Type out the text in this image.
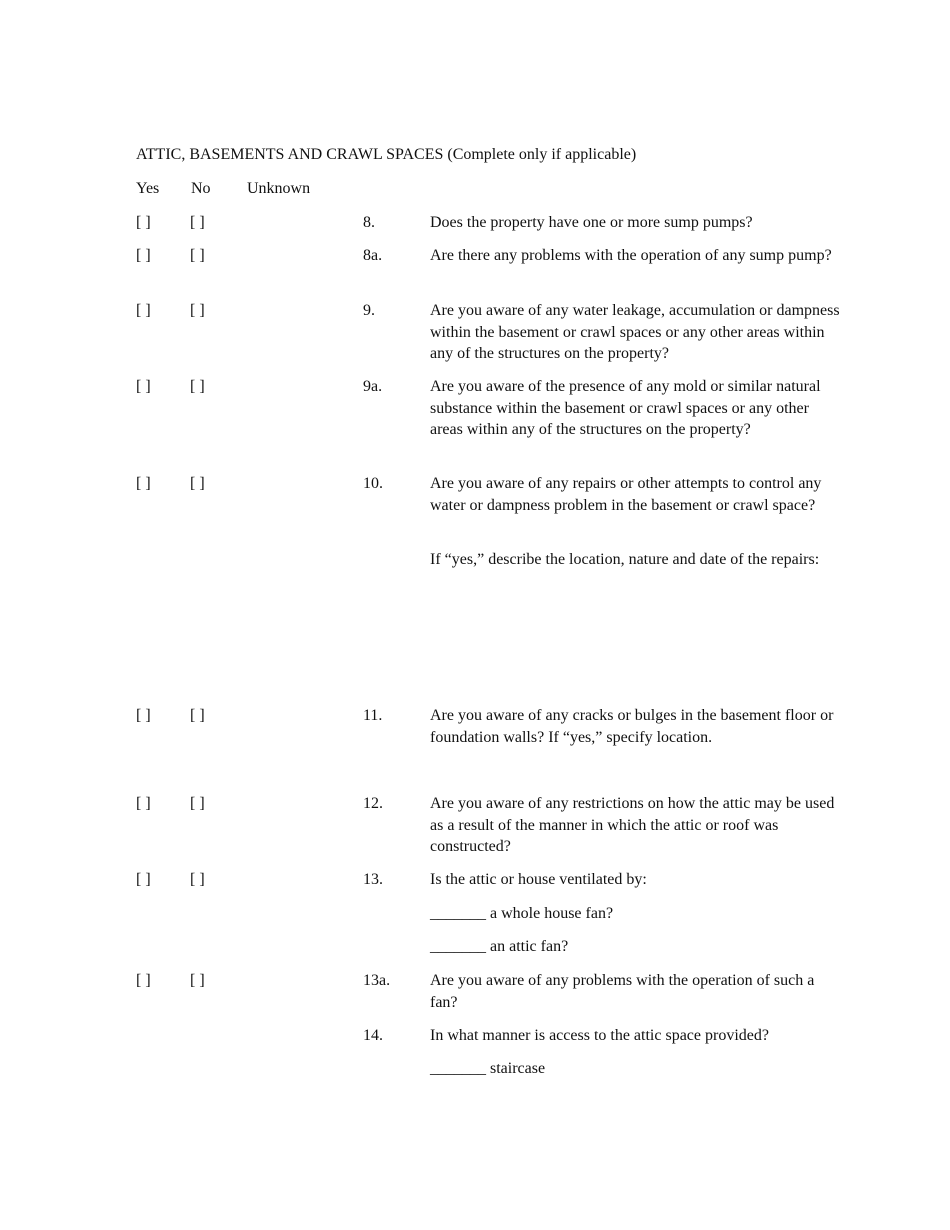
ATTIC, BASEMENTS AND CRAWL SPACES (Complete only if applicable)
Yes No Unknown
[ ] [ ]	8.	Does the property have one or more sump pumps?
[ ] [ ]	8a.	Are there any problems with the operation of any sump pump?
[ ] [ ]	9.	Are you aware of any water leakage, accumulation or dampness within the basement or crawl spaces or any other areas within any of the structures on the property?
[ ] [ ]	9a.	Are you aware of the presence of any mold or similar natural substance within the basement or crawl spaces or any other areas within any of the structures on the property?
[ ] [ ]	10.	Are you aware of any repairs or other attempts to control any water or dampness problem in the basement or crawl space?
If “yes,” describe the location, nature and date of the repairs:
[ ] [ ]	11.	Are you aware of any cracks or bulges in the basement floor or foundation walls? If “yes,” specify location.
[ ] [ ]	12.	Are you aware of any restrictions on how the attic may be used as a result of the manner in which the attic or roof was constructed?
[ ] [ ]	13.	Is the attic or house ventilated by:
_______ a whole house fan?
_______ an attic fan?
[ ] [ ]	13a. Are you aware of any problems with the operation of such a fan?
14.	In what manner is access to the attic space provided?
_______ staircase
